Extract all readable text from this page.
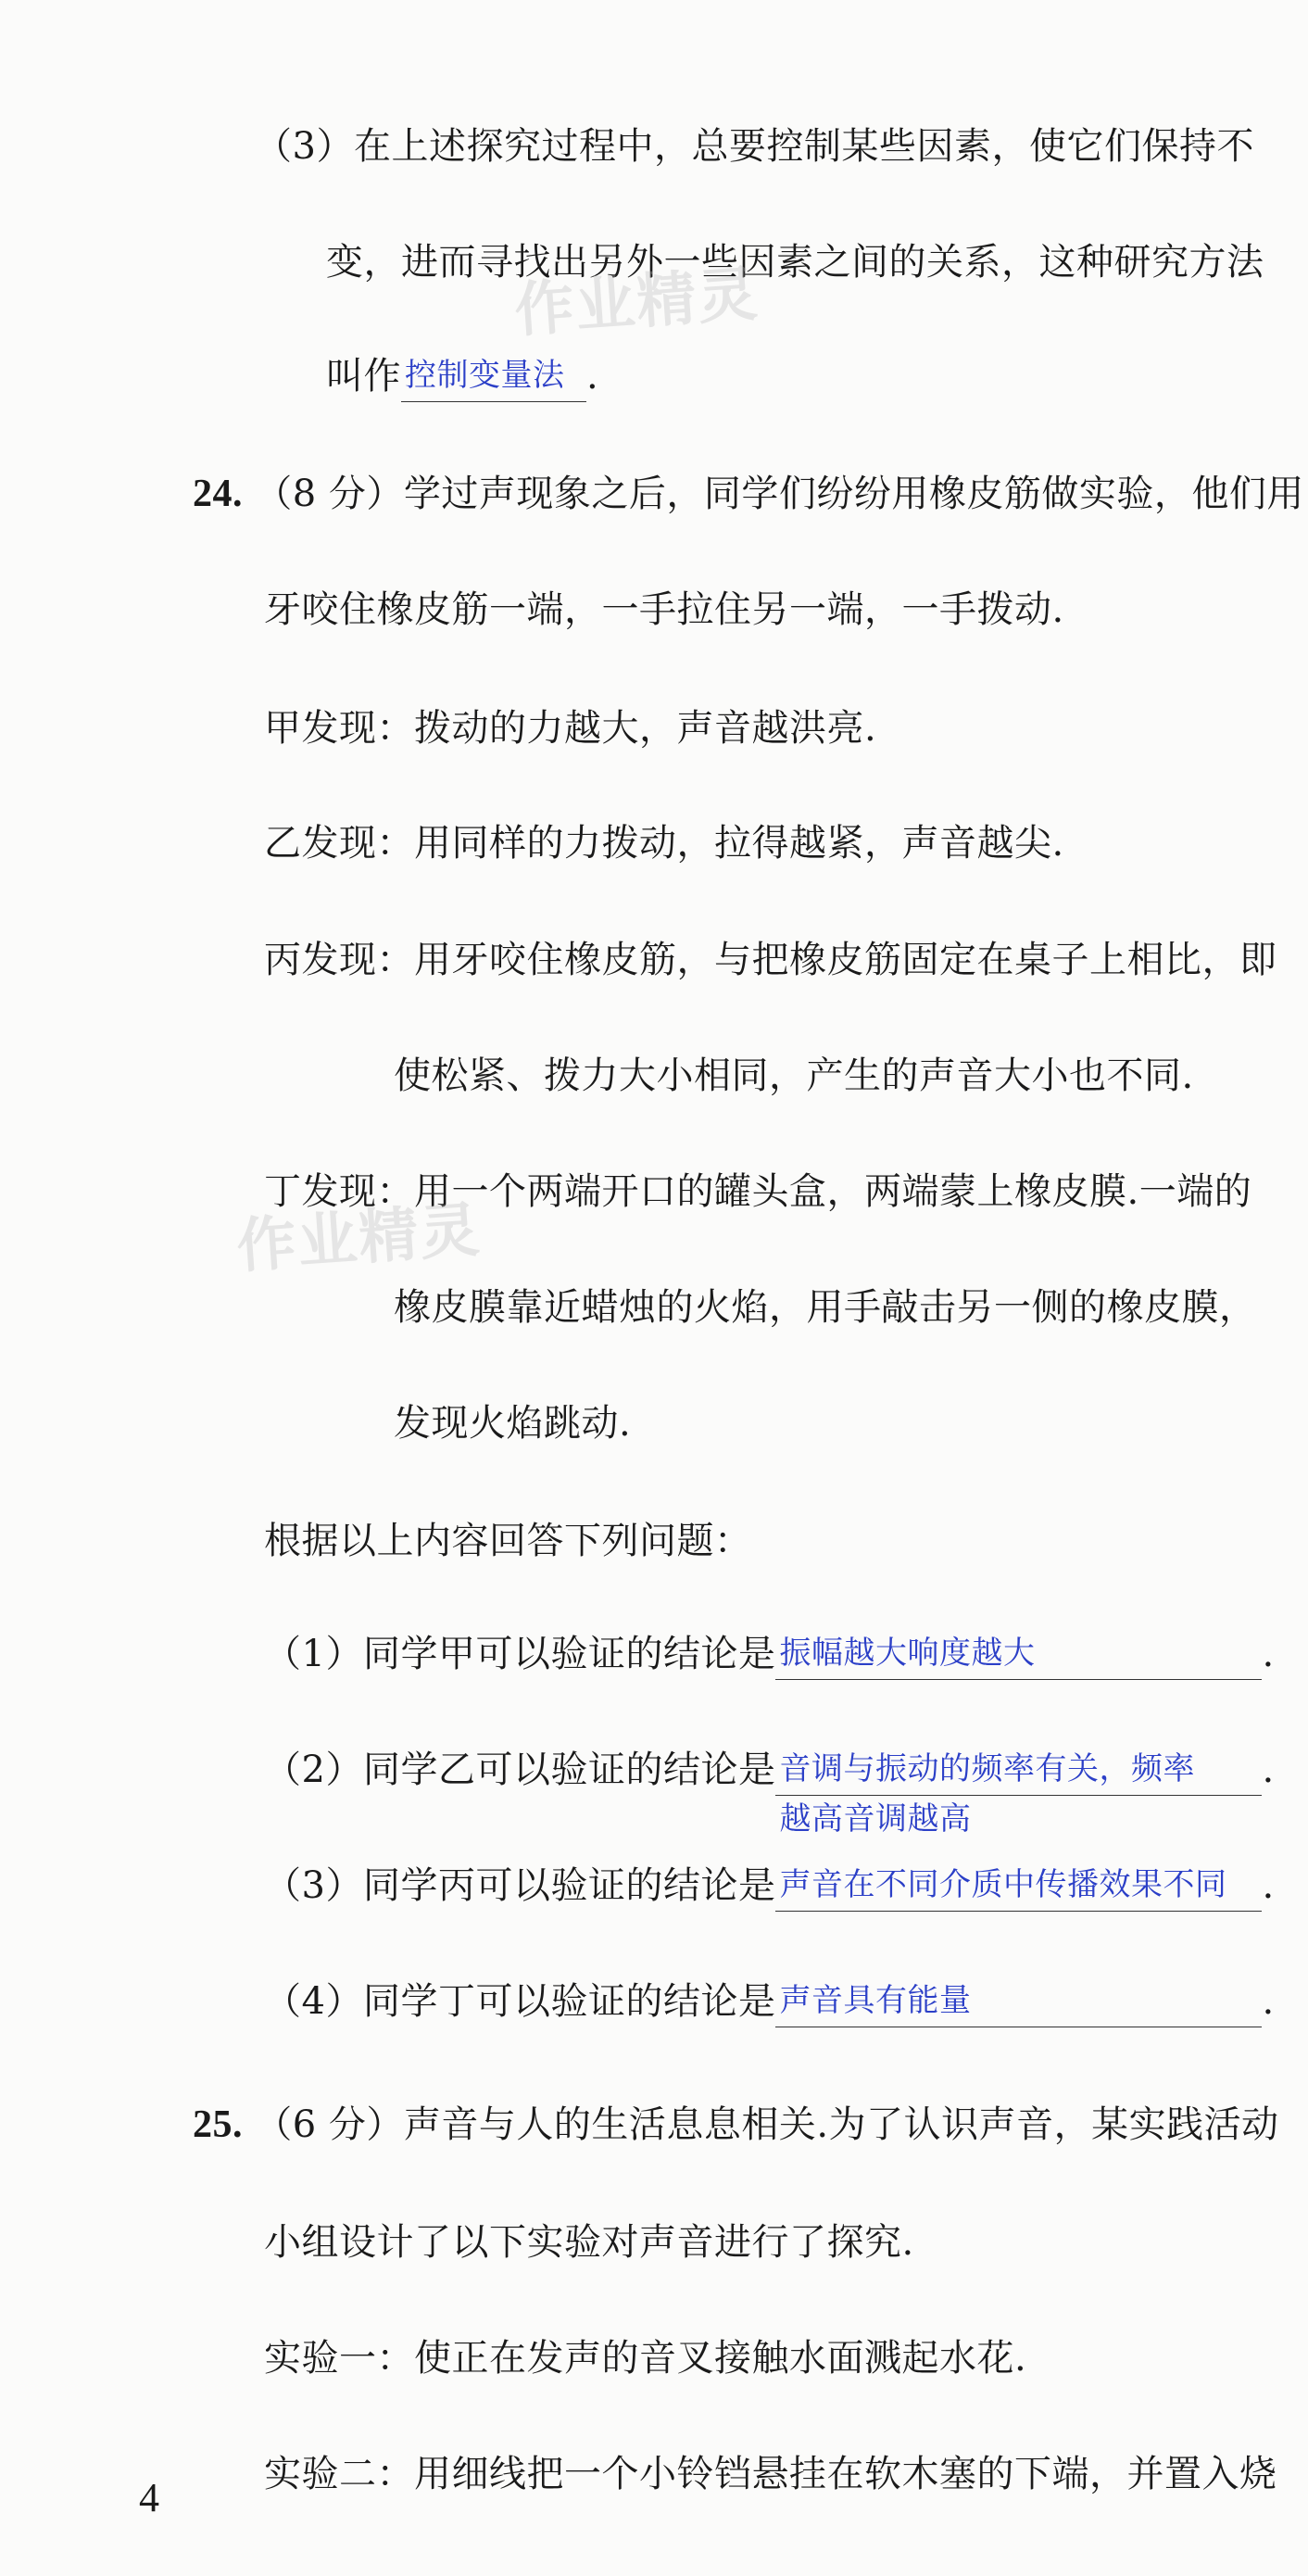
（3）在上述探究过程中，总要控制某些因素，使它们保持不
变，进而寻找出另外一些因素之间的关系，这种研究方法
叫作 控制变量法 .
24. （8 分）学过声现象之后，同学们纷纷用橡皮筋做实验，他们用
牙咬住橡皮筋一端，一手拉住另一端，一手拨动.
甲发现：拨动的力越大，声音越洪亮.
乙发现：用同样的力拨动，拉得越紧，声音越尖.
丙发现：用牙咬住橡皮筋，与把橡皮筋固定在桌子上相比，即
使松紧、拨力大小相同，产生的声音大小也不同.
丁发现：用一个两端开口的罐头盒，两端蒙上橡皮膜.一端的
橡皮膜靠近蜡烛的火焰，用手敲击另一侧的橡皮膜，
发现火焰跳动.
根据以上内容回答下列问题：
（1）同学甲可以验证的结论是 振幅越大响度越大	.
（2）同学乙可以验证的结论是 音调与振动的频率有关，频率
越高音调越高
.
（3）同学丙可以验证的结论是 声音在不同介质中传播效果不同 .
（4）同学丁可以验证的结论是 声音具有能量	.
25. （6 分）声音与人的生活息息相关.为了认识声音，某实践活动
小组设计了以下实验对声音进行了探究.
实验一：使正在发声的音叉接触水面溅起水花.
实验二：用细线把一个小铃铛悬挂在软木塞的下端，并置入烧
作业精灵
作业精灵
4
